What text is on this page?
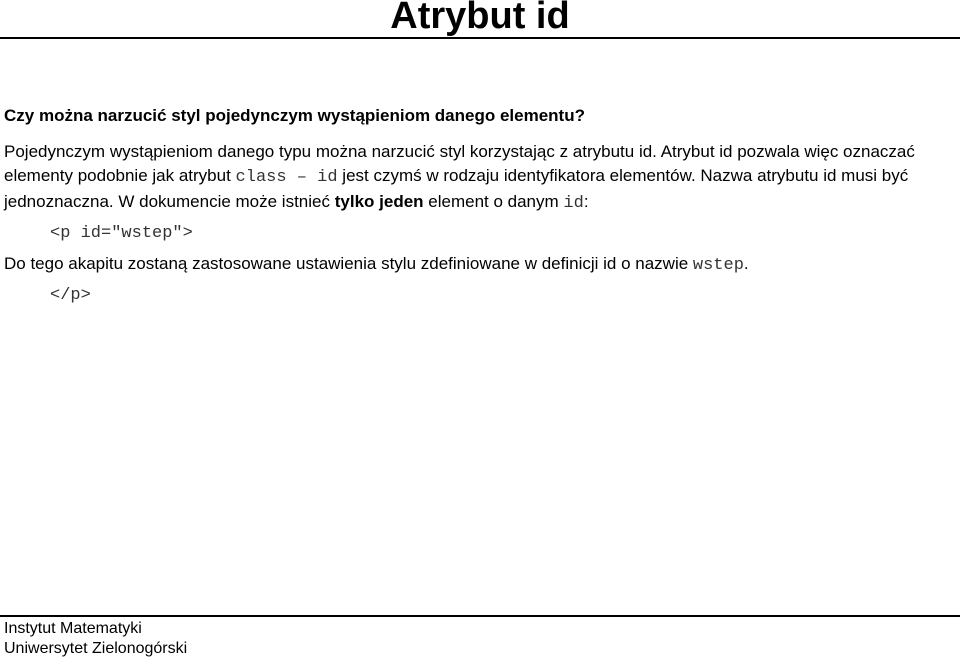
Atrybut id

Czy można narzucić styl pojedynczym wystąpieniom danego elementu?

Pojedynczym wystąpieniom danego typu można narzucić styl korzystając z atrybutu id. Atrybut id pozwala więc oznaczać elementy podobnie jak atrybut class – id jest czymś w rodzaju identyfikatora elementów. Nazwa atrybutu id musi być jednoznaczna. W dokumencie może istnieć tylko jeden element o danym id:

<p id="wstep">

Do tego akapitu zostaną zastosowane ustawienia stylu zdefiniowane w definicji id o nazwie wstep.

</p>
Instytut Matematyki
Uniwersytet Zielonogórski
